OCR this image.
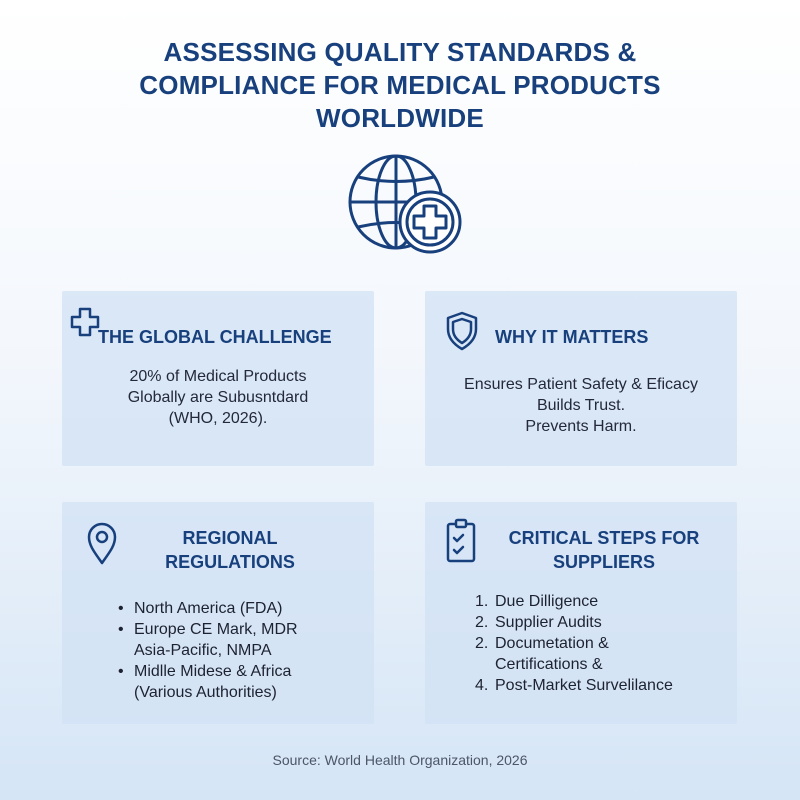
ASSESSING QUALITY STANDARDS &
COMPLIANCE FOR MEDICAL PRODUCTS
WORLDWIDE
THE GLOBAL CHALLENGE
20% of Medical Products
Globally are Subusntdard
(WHO, 2026).
WHY IT MATTERS
Ensures Patient Safety & Eficacy
Builds Trust.
Prevents Harm.
REGIONAL
REGULATIONS
• North America (FDA)
• Europe CE Mark, MDR
Asia-Pacific, NMPA
• Midlle Midese & Africa
(Various Authorities)
CRITICAL STEPS FOR
SUPPLIERS
1. Due Dilligence
2. Supplier Audits
2. Documetation &
Certifications &
4. Post-Market Survelilance
Source: World Health Organization, 2026
